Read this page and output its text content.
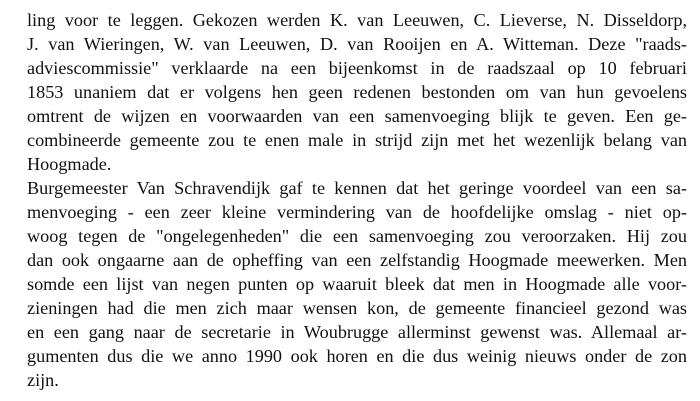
ling voor te leggen. Gekozen werden K. van Leeuwen, C. Lieverse, N. Disseldorp,
J. van Wieringen, W. van Leeuwen, D. van Rooijen en A. Witteman. Deze "raads-
adviescommissie" verklaarde na een bijeenkomst in de raadszaal op 10 februari
1853 unaniem dat er volgens hen geen redenen bestonden om van hun gevoelens
omtrent de wijzen en voorwaarden van een samenvoeging blijk te geven. Een ge-
combineerde gemeente zou te enen male in strijd zijn met het wezenlijk belang van
Hoogmade.
Burgemeester Van Schravendijk gaf te kennen dat het geringe voordeel van een sa-
menvoeging - een zeer kleine vermindering van de hoofdelijke omslag - niet op-
woog tegen de "ongelegenheden" die een samenvoeging zou veroorzaken. Hij zou
dan ook ongaarne aan de opheffing van een zelfstandig Hoogmade meewerken. Men
somde een lijst van negen punten op waaruit bleek dat men in Hoogmade alle voor-
zieningen had die men zich maar wensen kon, de gemeente financieel gezond was
en een gang naar de secretarie in Woubrugge allerminst gewenst was. Allemaal ar-
gumenten dus die we anno 1990 ook horen en die dus weinig nieuws onder de zon
zijn.
